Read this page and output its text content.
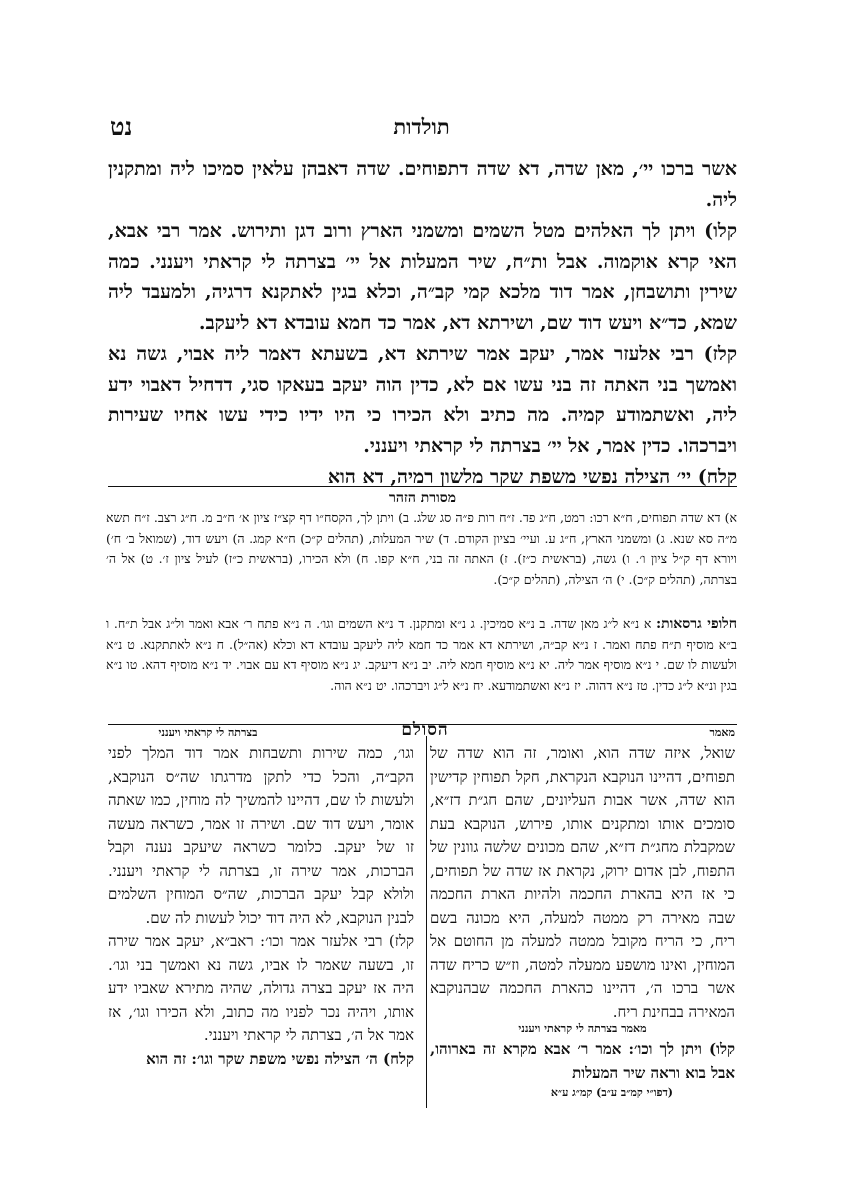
נט	תולדות

אשר ברכו יי׳, מאן שדה, דא שדה דתפוחים. שדה דאבהן עלאין סמיכו ליה ומתקנין ליה.

קלו) ויתן לך האלהים מטל השמים ומשמני הארץ ורוב דגן ותירוש. אמר רבי אבא, האי קרא אוקמוה. אבל ות״ח, שיר המעלות אל יי׳ בצרתה לי קראתי ויענני. כמה שירין ותושבחן, אמר דוד מלכא קמי קב״ה, וכלא בגין לאתקנא דרגיה, ולמעבד ליה שמא, כד״א ויעש דוד שם, ושירתא דא, אמר כד חמא עובדא דא ליעקב.

קלז) רבי אלעזר אמר, יעקב אמר שירתא דא, בשעתא דאמר ליה אבוי, גשה נא ואמשך בני האתה זה בני עשו אם לא, כדין הוה יעקב בעאקו סגי, דדחיל דאבוי ידע ליה, ואשתמודע קמיה. מה כתיב ולא הכירו כי היו ידיו כידי עשו אחיו שעירות ויברכהו. כדין אמר, אל יי׳ בצרתה לי קראתי ויענני.

קלח) יי׳ הצילה נפשי משפת שקר מלשון רמיה, דא הוא

מסורת הזהר
א) דא שדה תפוחים, ח״א רכו: רמט, ח״ג פד. ז״ח רות פ״ה סג שלג. ב) ויתן לך, הקסח״ו דף קצ״ז ציון א׳ ח״ב מ. ח״ג רצב. ז״ח תשא מ״ה סא שנא. ג) ומשמני הארץ, ח״ג ע. ועיי׳ בציון הקודם. ד) שיר המעלות, (תהלים ק״כ) ח״א קמג. ה) ויעש דוד, (שמואל ב׳ ח׳) ויורא דף ק״ל ציון ו׳. ו) גשה, (בראשית כ״ז). ז) האתה זה בני, ח״א קפו. ח) ולא הכירו, (בראשית כ״ז) לעיל ציון ז׳. ט) אל ה׳ בצרתה, (תהלים ק״כ). י) ה׳ הצילה, (תהלים ק״כ).
חלופי גרסאות: א נ״א ל״ג מאן שדה. ב נ״א סמיכין. ג נ״א ומתקנן. ד נ״א השמים וגו׳. ה נ״א פתח ר׳ אבא ואמר ול״ג אבל ת״ח. ו ב״א מוסיף ת״ח פתח ואמר. ז נ״א קב״ה, ושירתא דא אמר כד חמא ליה ליעקב עובדא דא וכלא (אה״ל). ח נ״א לאתתקנא. ט נ״א ולעשות לו שם. י נ״א מוסיף אמר ליה. יא נ״א מוסיף חמא ליה. יב נ״א דיעקב. יג נ״א מוסיף דא עם אבוי. יד נ״א מוסיף דהא. טו נ״א בגין ונ״א ל״ג כדין. טז נ״א דהוה. יז נ״א ואשתמודעא. יח נ״א ל״ג ויברכהו. יט נ״א הוה.
מאמר
הסולם
בצרתה לי קראתי ויענני

שואל, איזה שדה הוא, ואומר, זה הוא שדה של תפוחים, דהיינו הנוקבא הנקראת, חקל תפוחין קדישין הוא שדה, אשר אבות העליונים, שהם חג״ת דז״א, סומכים אותו ומתקנים אותו, פירוש, הנוקבא בעת שמקבלת מחג״ת דז״א, שהם מכונים שלשה גוונין של התפוח, לבן אדום ירוק, נקראת אז שדה של תפוחים, כי אז היא בהארת החכמה ולהיות הארת החכמה שבה מאירה רק ממטה למעלה, היא מכונה בשם ריח, כי הריח מקובל ממטה למעלה מן החוטם אל המוחין, ואינו מושפע ממעלה למטה, וז״ש כריח שדה אשר ברכו ה׳, דהיינו כהארת החכמה שבהנוקבא המאירה בבחינת ריח.

מאמר בצרתה לי קראתי ויענני
קלו) ויתן לך וכו׳: אמר ר׳ אבא מקרא זה בארוהו, אבל בוא וראה שיר המעלות
(דפו״י קמ״ב ע״ב) קמ״ג ע״א

וגו׳, כמה שירות ותשבחות אמר דוד המלך לפני הקב״ה, והכל כדי לתקן מדרגתו שה״ס הנוקבא, ולעשות לו שם, דהיינו להמשיך לה מוחין, כמו שאתה אומר, ויעש דוד שם. ושירה זו אמר, כשראה מעשה זו של יעקב. כלומר כשראה שיעקב נענה וקבל הברכות, אמר שירה זו, בצרתה לי קראתי ויענני. ולולא קבל יעקב הברכות, שה״ס המוחין השלמים לבנין הנוקבא, לא היה דוד יכול לעשות לה שם.

קלז) רבי אלעזר אמר וכו׳: ראב״א, יעקב אמר שירה זו, בשעה שאמר לו אביו, גשה נא ואמשך בני וגו׳. היה אז יעקב בצרה גדולה, שהיה מתירא שאביו ידע אותו, ויהיה נכר לפניו מה כתוב, ולא הכירו וגו׳, אז אמר אל ה׳, בצרתה לי קראתי ויענני.

קלח) ה׳ הצילה נפשי משפת שקר וגו׳: זה הוא
